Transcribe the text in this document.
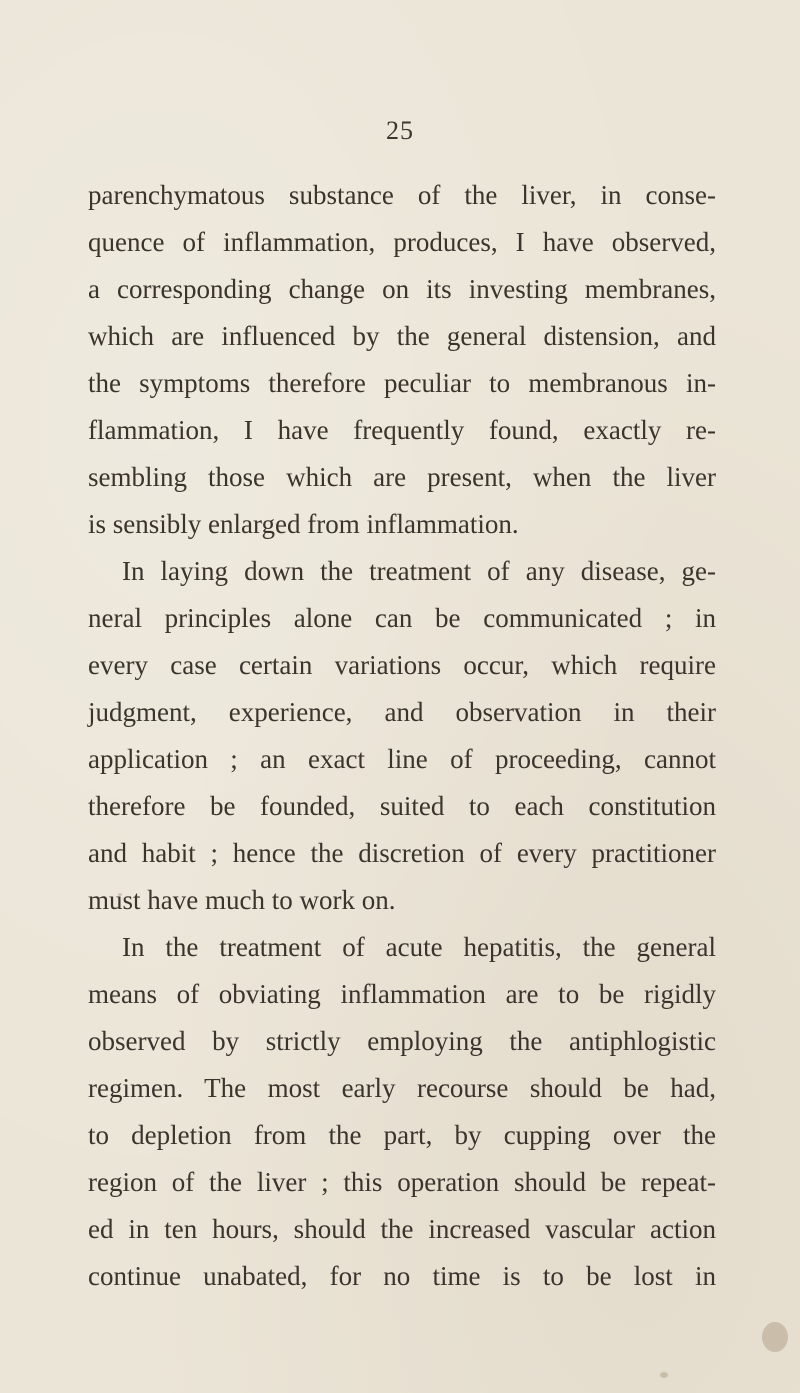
25
parenchymatous substance of the liver, in conse-
quence of inflammation, produces, I have observed,
a corresponding change on its investing membranes,
which are influenced by the general distension, and
the symptoms therefore peculiar to membranous in-
flammation, I have frequently found, exactly re-
sembling those which are present, when the liver
is sensibly enlarged from inflammation.
In laying down the treatment of any disease, ge-
neral principles alone can be communicated ; in
every case certain variations occur, which require
judgment, experience, and observation in their
application ; an exact line of proceeding, cannot
therefore be founded, suited to each constitution
and habit ; hence the discretion of every practitioner
must have much to work on.
In the treatment of acute hepatitis, the general
means of obviating inflammation are to be rigidly
observed by strictly employing the antiphlogistic
regimen. The most early recourse should be had,
to depletion from the part, by cupping over the
region of the liver ; this operation should be repeat-
ed in ten hours, should the increased vascular action
continue unabated, for no time is to be lost in
